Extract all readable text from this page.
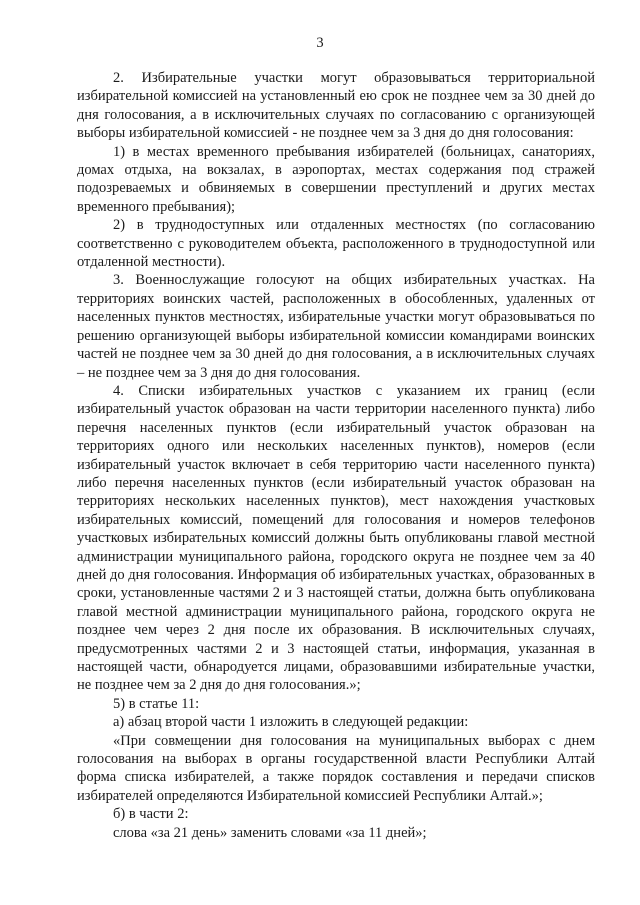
3

2. Избирательные участки могут образовываться территориальной избирательной комиссией на установленный ею срок не позднее чем за 30 дней до дня голосования, а в исключительных случаях по согласованию с организующей выборы избирательной комиссией - не позднее чем за 3 дня до дня голосования:

1) в местах временного пребывания избирателей (больницах, санаториях, домах отдыха, на вокзалах, в аэропортах, местах содержания под стражей подозреваемых и обвиняемых в совершении преступлений и других местах временного пребывания);

2) в труднодоступных или отдаленных местностях (по согласованию соответственно с руководителем объекта, расположенного в труднодоступной или отдаленной местности).

3. Военнослужащие голосуют на общих избирательных участках. На территориях воинских частей, расположенных в обособленных, удаленных от населенных пунктов местностях, избирательные участки могут образовываться по решению организующей выборы избирательной комиссии командирами воинских частей не позднее чем за 30 дней до дня голосования, а в исключительных случаях – не позднее чем за 3 дня до дня голосования.

4. Списки избирательных участков с указанием их границ (если избирательный участок образован на части территории населенного пункта) либо перечня населенных пунктов (если избирательный участок образован на территориях одного или нескольких населенных пунктов), номеров (если избирательный участок включает в себя территорию части населенного пункта) либо перечня населенных пунктов (если избирательный участок образован на территориях нескольких населенных пунктов), мест нахождения участковых избирательных комиссий, помещений для голосования и номеров телефонов участковых избирательных комиссий должны быть опубликованы главой местной администрации муниципального района, городского округа не позднее чем за 40 дней до дня голосования. Информация об избирательных участках, образованных в сроки, установленные частями 2 и 3 настоящей статьи, должна быть опубликована главой местной администрации муниципального района, городского округа не позднее чем через 2 дня после их образования. В исключительных случаях, предусмотренных частями 2 и 3 настоящей статьи, информация, указанная в настоящей части, обнародуется лицами, образовавшими избирательные участки, не позднее чем за 2 дня до дня голосования.»;

5) в статье 11:

а) абзац второй части 1 изложить в следующей редакции:

«При совмещении дня голосования на муниципальных выборах с днем голосования на выборах в органы государственной власти Республики Алтай форма списка избирателей, а также порядок составления и передачи списков избирателей определяются Избирательной комиссией Республики Алтай.»;

б) в части 2:

слова «за 21 день» заменить словами «за 11 дней»;
